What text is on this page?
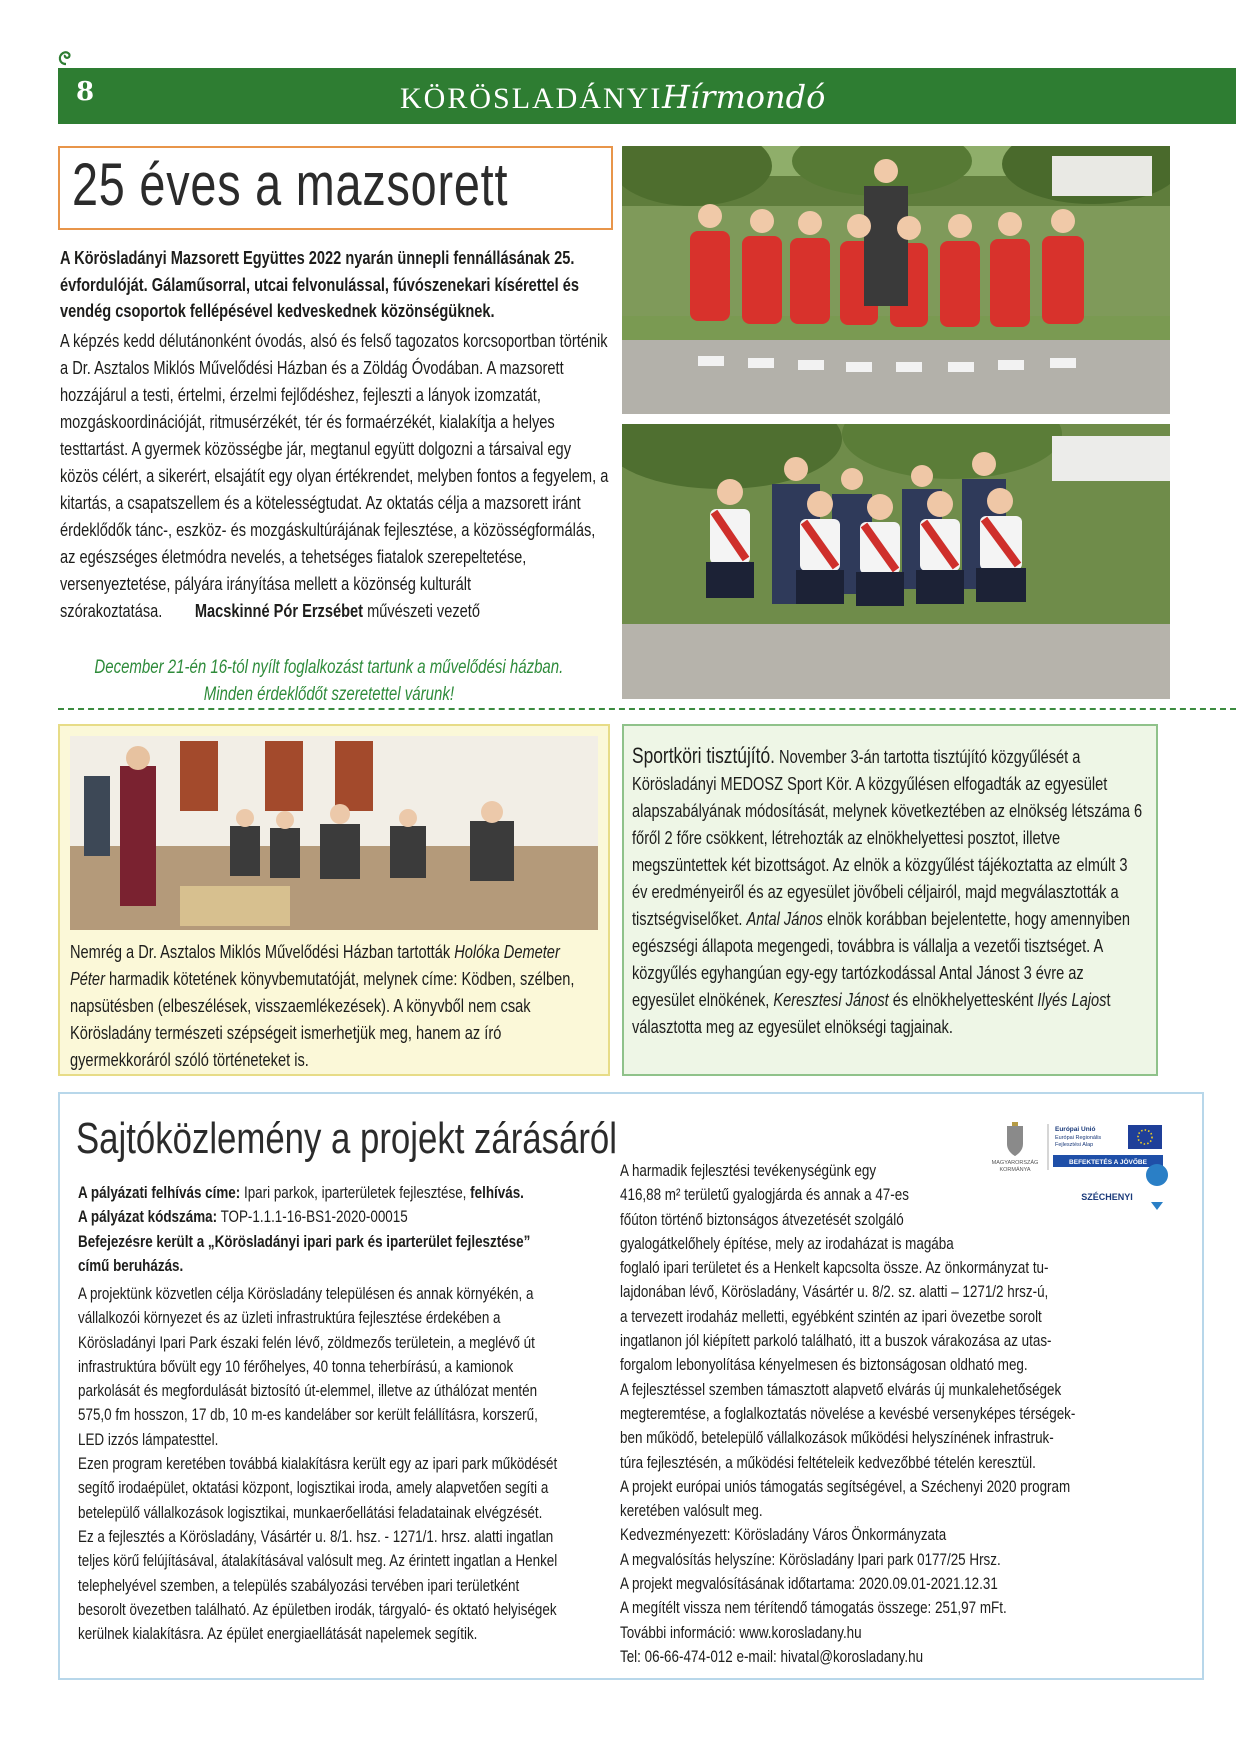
8	KÖRÖSLADÁNYI Hírmondó
25 éves a mazsorett
A Körösladányi Mazsorett Együttes 2022 nyarán ünnepli fennállásának 25. évfordulóját. Gálaműsorral, utcai felvonulással, fúvószenekari kísérettel és vendég csoportok fellépésével kedveskednek közönségüknek.
A képzés kedd délutánonként óvodás, alsó és felső tagozatos korcsoportban történik a Dr. Asztalos Miklós Művelődési Házban és a Zöldág Óvodában. A mazsorett hozzájárul a testi, értelmi, érzelmi fejlődéshez, fejleszti a lányok izomzatát, mozgáskoordinációját, ritmusérzékét, tér és formaérzékét, kialakítja a helyes testtartást. A gyermek közösségbe jár, megtanul együtt dolgozni a társaival egy közös célért, a sikerért, elsajátít egy olyan értékrendet, melyben fontos a fegyelem, a kitartás, a csapatszellem és a kötelességtudat. Az oktatás célja a mazsorett iránt érdeklődők tánc-, eszköz- és mozgáskultúrájának fejlesztése, a közösségformálás, az egészséges életmódra nevelés, a tehetséges fiatalok szerepeltetése, versenyeztetése, pályára irányítása mellett a közönség kulturált szórakoztatása. Macskinné Pór Erzsébet művészeti vezető
December 21-én 16-tól nyílt foglalkozást tartunk a művelődési házban. Minden érdeklődőt szeretettel várunk!
Nemrég a Dr. Asztalos Miklós Művelődési Házban tartották Holóka Demeter Péter harmadik kötetének könyvbemutatóját, melynek címe: Ködben, szélben, napsütésben (elbeszélések, visszaemlékezések). A könyvből nem csak Körösladány természeti szépségeit ismerhetjük meg, hanem az író gyermekkoráról szóló történeteket is.
Sportköri tisztújító. November 3-án tartotta tisztújító közgyűlését a Körösladányi MEDOSZ Sport Kör. A közgyűlésen elfogadták az egyesület alapszabályának módosítását, melynek következtében az elnökség létszáma 6 főről 2 főre csökkent, létrehozták az elnökhelyettesi posztot, illetve megszüntettek két bizottságot. Az elnök a közgyűlést tájékoztatta az elmúlt 3 év eredményeiről és az egyesület jövőbeli céljairól, majd megválasztották a tisztségviselőket. Antal János elnök korábban bejelentette, hogy amennyiben egészségi állapota megengedi, továbbra is vállalja a vezetői tisztséget. A közgyűlés egyhangúan egy-egy tartózkodással Antal Jánost 3 évre az egyesület elnökének, Keresztesi Jánost és elnökhelyettesként Ilyés Lajost választotta meg az egyesület elnökségi tagjainak.
Sajtóközlemény a projekt zárásáról
A pályázati felhívás címe: Ipari parkok, iparterületek fejlesztése, felhívás.
A pályázat kódszáma: TOP-1.1.1-16-BS1-2020-00015
Befejezésre került a „Körösladányi ipari park és iparterület fejlesztése” című beruházás.
A projektünk közvetlen célja Körösladány településen és annak környékén, a vállalkozói környezet és az üzleti infrastruktúra fejlesztése érdekében a Körösladányi Ipari Park északi felén lévő, zöldmezős területein, a meglévő út infrastruktúra bővült egy 10 férőhelyes, 40 tonna teherbírású, a kamionok parkolását és megfordulását biztosító út-elemmel, illetve az úthálózat mentén 575,0 fm hosszon, 17 db, 10 m-es kandeláber sor került felállításra, korszerű, LED izzós lámpatesttel.
Ezen program keretében továbbá kialakításra került egy az ipari park működését segítő irodaépület, oktatási központ, logisztikai iroda, amely alapvetően segíti a betelepülő vállalkozások logisztikai, munkaerőellátási feladatainak elvégzését. Ez a fejlesztés a Körösladány, Vásártér u. 8/1. hsz. - 1271/1. hrsz. alatti ingatlan teljes körű felújításával, átalakításával valósult meg. Az érintett ingatlan a Henkel telephelyével szemben, a település szabályozási tervében ipari területként besorolt övezetben található. Az épületben irodák, tárgyaló- és oktató helyiségek kerülnek kialakításra. Az épület energiaellátását napelemek segítik.
A harmadik fejlesztési tevékenységünk egy
416,88 m² területű gyalogjárda és annak a 47-es
főúton történő biztonságos átvezetését szolgáló
gyalogátkelőhely építése, mely az irodaházat is magába
foglaló ipari területet és a Henkelt kapcsolta össze. Az önkormányzat tu-
lajdonában lévő, Körösladány, Vásártér u. 8/2. sz. alatti – 1271/2 hrsz-ú,
a tervezett irodaház melletti, egyébként szintén az ipari övezetbe sorolt
ingatlanon jól kiépített parkoló található, itt a buszok várakozása az utas-
forgalom lebonyolítása kényelmesen és biztonságosan oldható meg.
A fejlesztéssel szemben támasztott alapvető elvárás új munkalehetőségek
megteremtése, a foglalkoztatás növelése a kevésbé versenyképes térségek-
ben működő, betelepülő vállalkozások működési helyszínének infrastruk-
túra fejlesztésén, a működési feltételeik kedvezőbbé tételén keresztül.
A projekt európai uniós támogatás segítségével, a Széchenyi 2020 program
keretében valósult meg.
Kedvezményezett: Körösladány Város Önkormányzata
A megvalósítás helyszíne: Körösladány Ipari park 0177/25 Hrsz.
A projekt megvalósításának időtartama: 2020.09.01-2021.12.31
A megítélt vissza nem térítendő támogatás összege: 251,97 mFt.
További információ: www.korosladany.hu
Tel: 06-66-474-012 e-mail: hivatal@korosladany.hu
MAGYARORSZÁG
KORMÁNYA
Európai Unió
Európai Regionális
Fejlesztési Alap
BEFEKTETÉS A JÖVŐBE
SZÉCHENYI	2020
